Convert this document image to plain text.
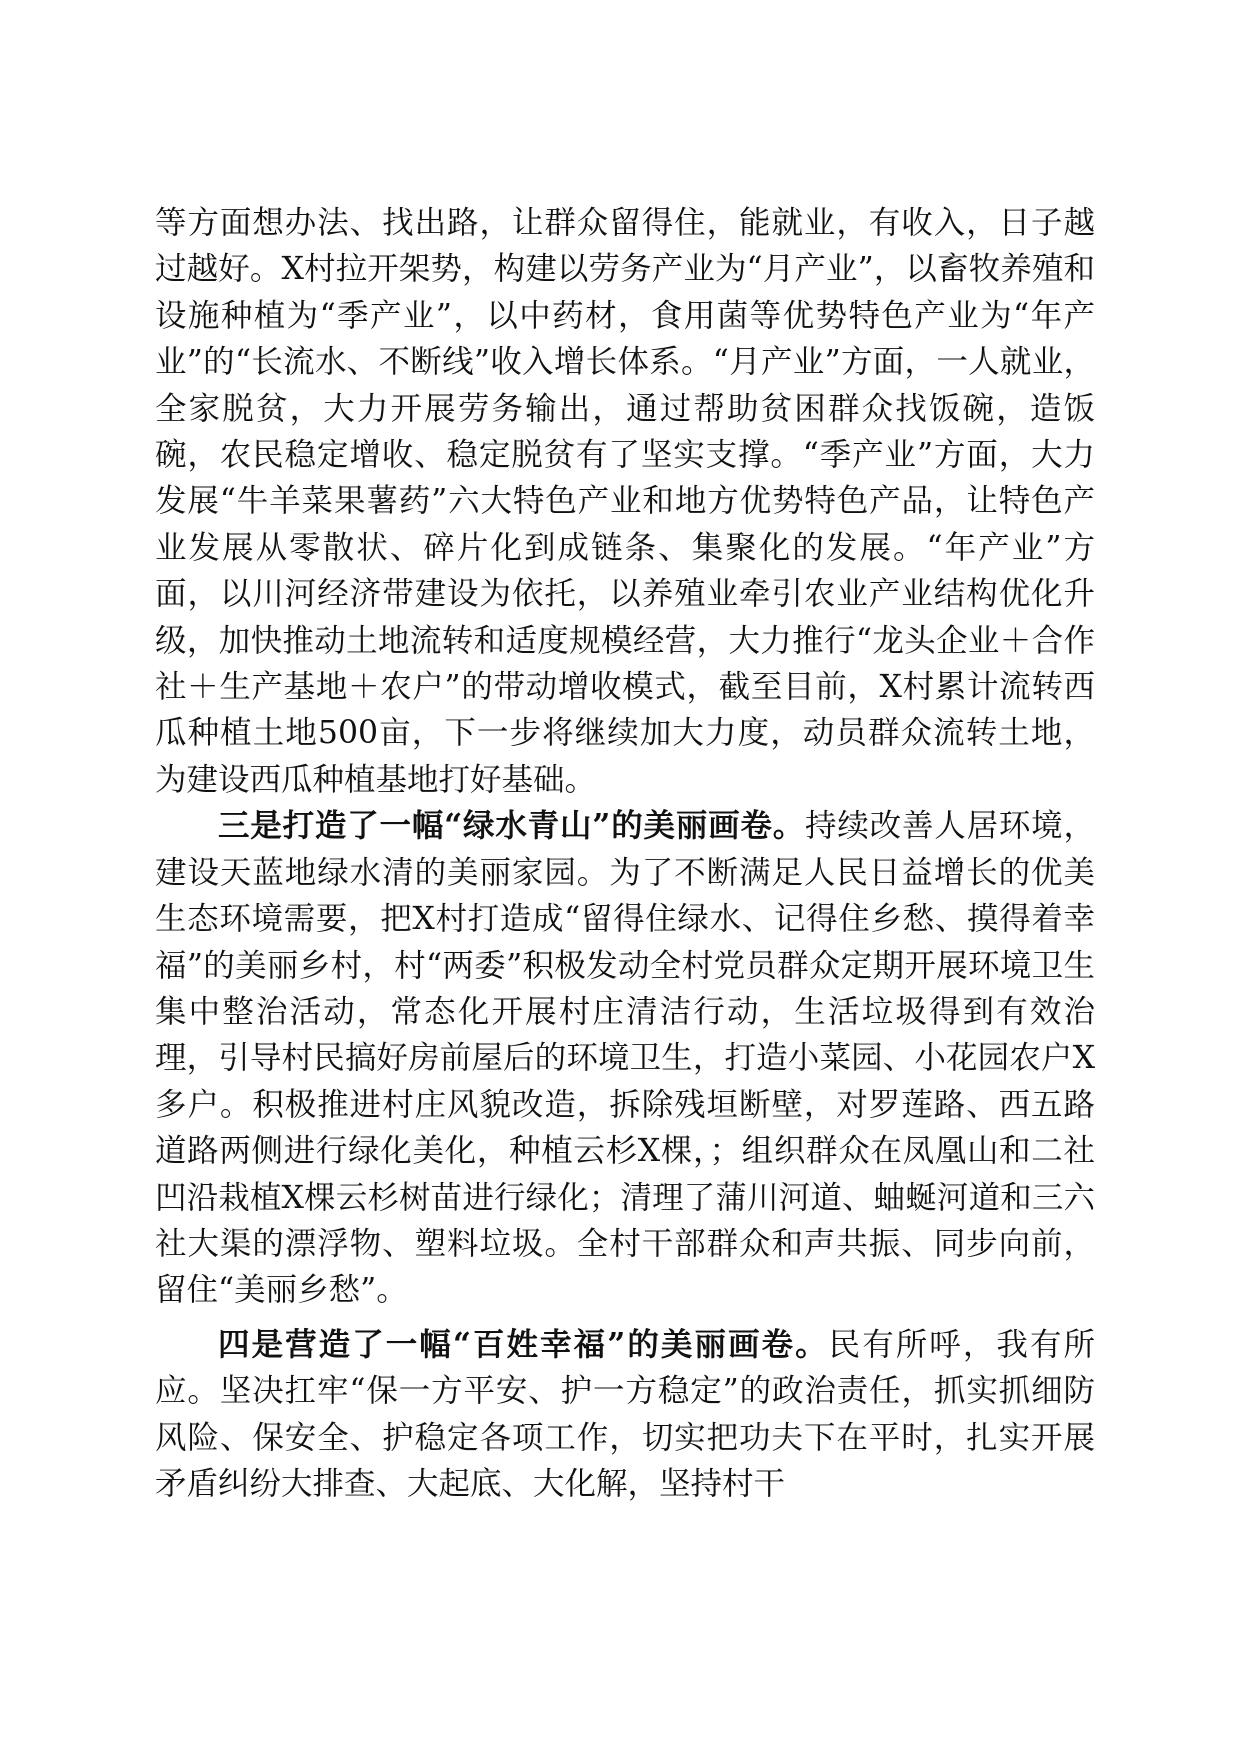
等方面想办法、找出路，让群众留得住，能就业，有收入，日子越过越好。X村拉开架势，构建以劳务产业为“月产业”，以畜牧养殖和设施种植为“季产业”，以中药材，食用菌等优势特色产业为“年产业”的“长流水、不断线”收入增长体系。“月产业”方面，一人就业，全家脱贫，大力开展劳务输出，通过帮助贫困群众找饭碗，造饭碗，农民稳定增收、稳定脱贫有了坚实支撑。“季产业”方面，大力发展“牛羊菜果薯药”六大特色产业和地方优势特色产品，让特色产业发展从零散状、碎片化到成链条、集聚化的发展。“年产业”方面，以川河经济带建设为依托，以养殖业牵引农业产业结构优化升级，加快推动土地流转和适度规模经营，大力推行“龙头企业＋合作社＋生产基地＋农户”的带动增收模式，截至目前，X村累计流转西瓜种植土地500亩，下一步将继续加大力度，动员群众流转土地，为建设西瓜种植基地打好基础。

三是打造了一幅“绿水青山”的美丽画卷。持续改善人居环境，建设天蓝地绿水清的美丽家园。为了不断满足人民日益增长的优美生态环境需要，把X村打造成“留得住绿水、记得住乡愁、摸得着幸福”的美丽乡村，村“两委”积极发动全村党员群众定期开展环境卫生集中整治活动，常态化开展村庄清洁行动，生活垃圾得到有效治理，引导村民搞好房前屋后的环境卫生，打造小菜园、小花园农户X多户。积极推进村庄风貌改造，拆除残垣断壁，对罗莲路、西五路道路两侧进行绿化美化，种植云杉X棵，；组织群众在凤凰山和二社凹沿栽植X棵云杉树苗进行绿化；清理了蒲川河道、蚰蜒河道和三六社大渠的漂浮物、塑料垃圾。全村干部群众和声共振、同步向前，留住“美丽乡愁”。

四是营造了一幅“百姓幸福”的美丽画卷。民有所呼，我有所应。坚决扛牢“保一方平安、护一方稳定”的政治责任，抓实抓细防风险、保安全、护稳定各项工作，切实把功夫下在平时，扎实开展矛盾纠纷大排查、大起底、大化解，坚持村干
